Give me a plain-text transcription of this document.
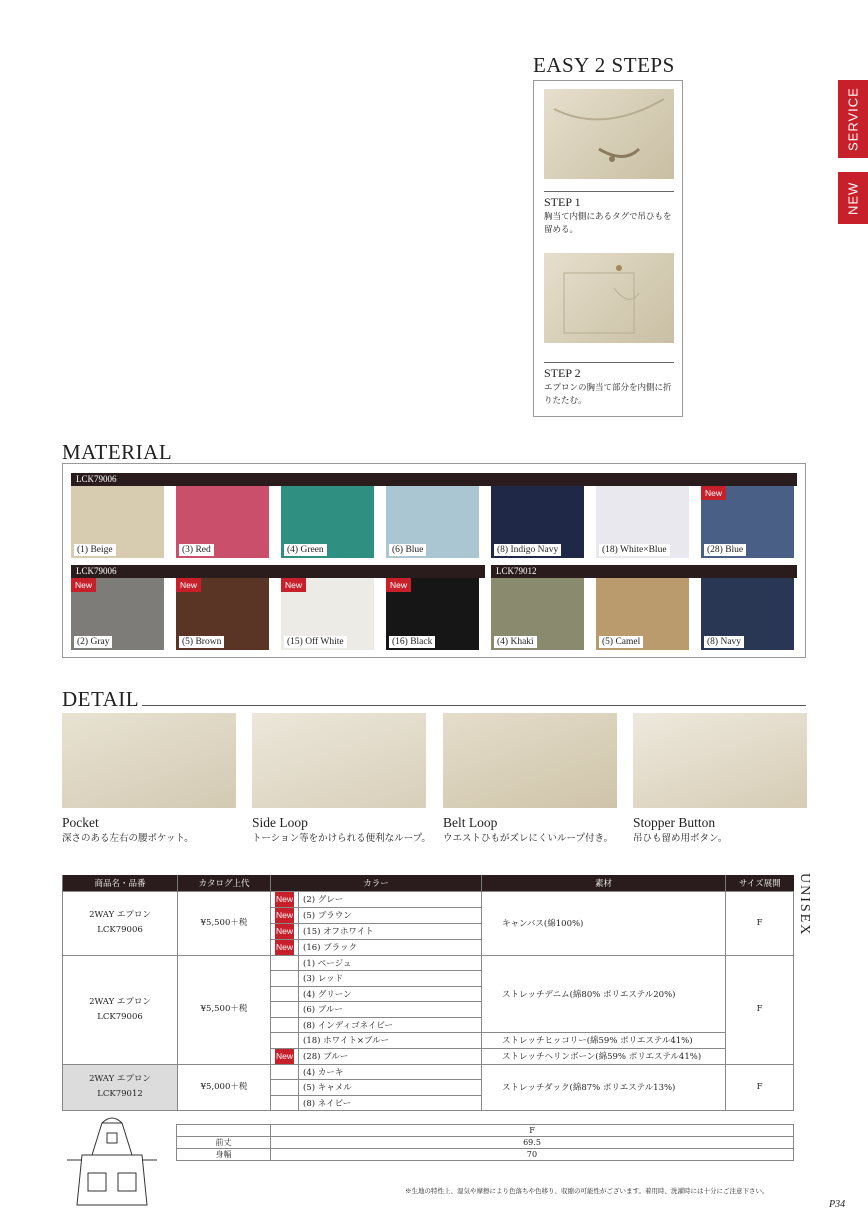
SERVICE
NEW
EASY 2 STEPS
STEP 1
胸当て内側にあるタグで吊ひもを留める。
STEP 2
エプロンの胸当て部分を内側に折りたたむ。
MATERIAL
LCK79006
LCK79006	LCK79012
(1) Beige	(3) Red	(4) Green	(6) Blue	(8) Indigo Navy	(18) White×Blue
New
(28) Blue
New
(2) Gray
New
(5) Brown
New
(15) Off White
New
(16) Black	(4) Khaki	(5) Camel	(8) Navy
DETAIL
Pocket
深さのある左右の腰ポケット。
Side Loop
トーション等をかけられる便利なループ。
Belt Loop
ウエストひもがズレにくいループ付き。
Stopper Button
吊ひも留め用ボタン。
UNISEX
商品名・品番	カタログ上代	カラー		素材	サイズ展開

2WAY エプロン
LCK79006	¥5,500＋税	New	(2) グレー	キャンバス(綿100%)	F

		New	(5) ブラウン		

		New	(15) オフホワイト		

		New	(16) ブラック		

2WAY エプロン
LCK79006	¥5,500＋税		(1) ベージュ	ストレッチデニム(綿80% ポリエステル20%)	F
			(3) レッド		
			(4) グリーン		
			(6) ブルー		
			(8) インディゴネイビー		
			(18) ホワイト×ブルー	ストレッチヒッコリー(綿59% ポリエステル41%)	

		New	(28) ブルー	ストレッチヘリンボーン(綿59% ポリエステル41%)	

2WAY エプロン
LCK79012	¥5,000＋税		(4) カーキ	ストレッチダック(綿87% ポリエステル13%)	F
			(5) キャメル		
			(8) ネイビー		
	F
前丈	69.5
身幅	70
※生地の特性上、湿気や摩擦により色落ちや色移り、収縮の可能性がございます。着用時、洗濯時には十分にご注意下さい。
P34
